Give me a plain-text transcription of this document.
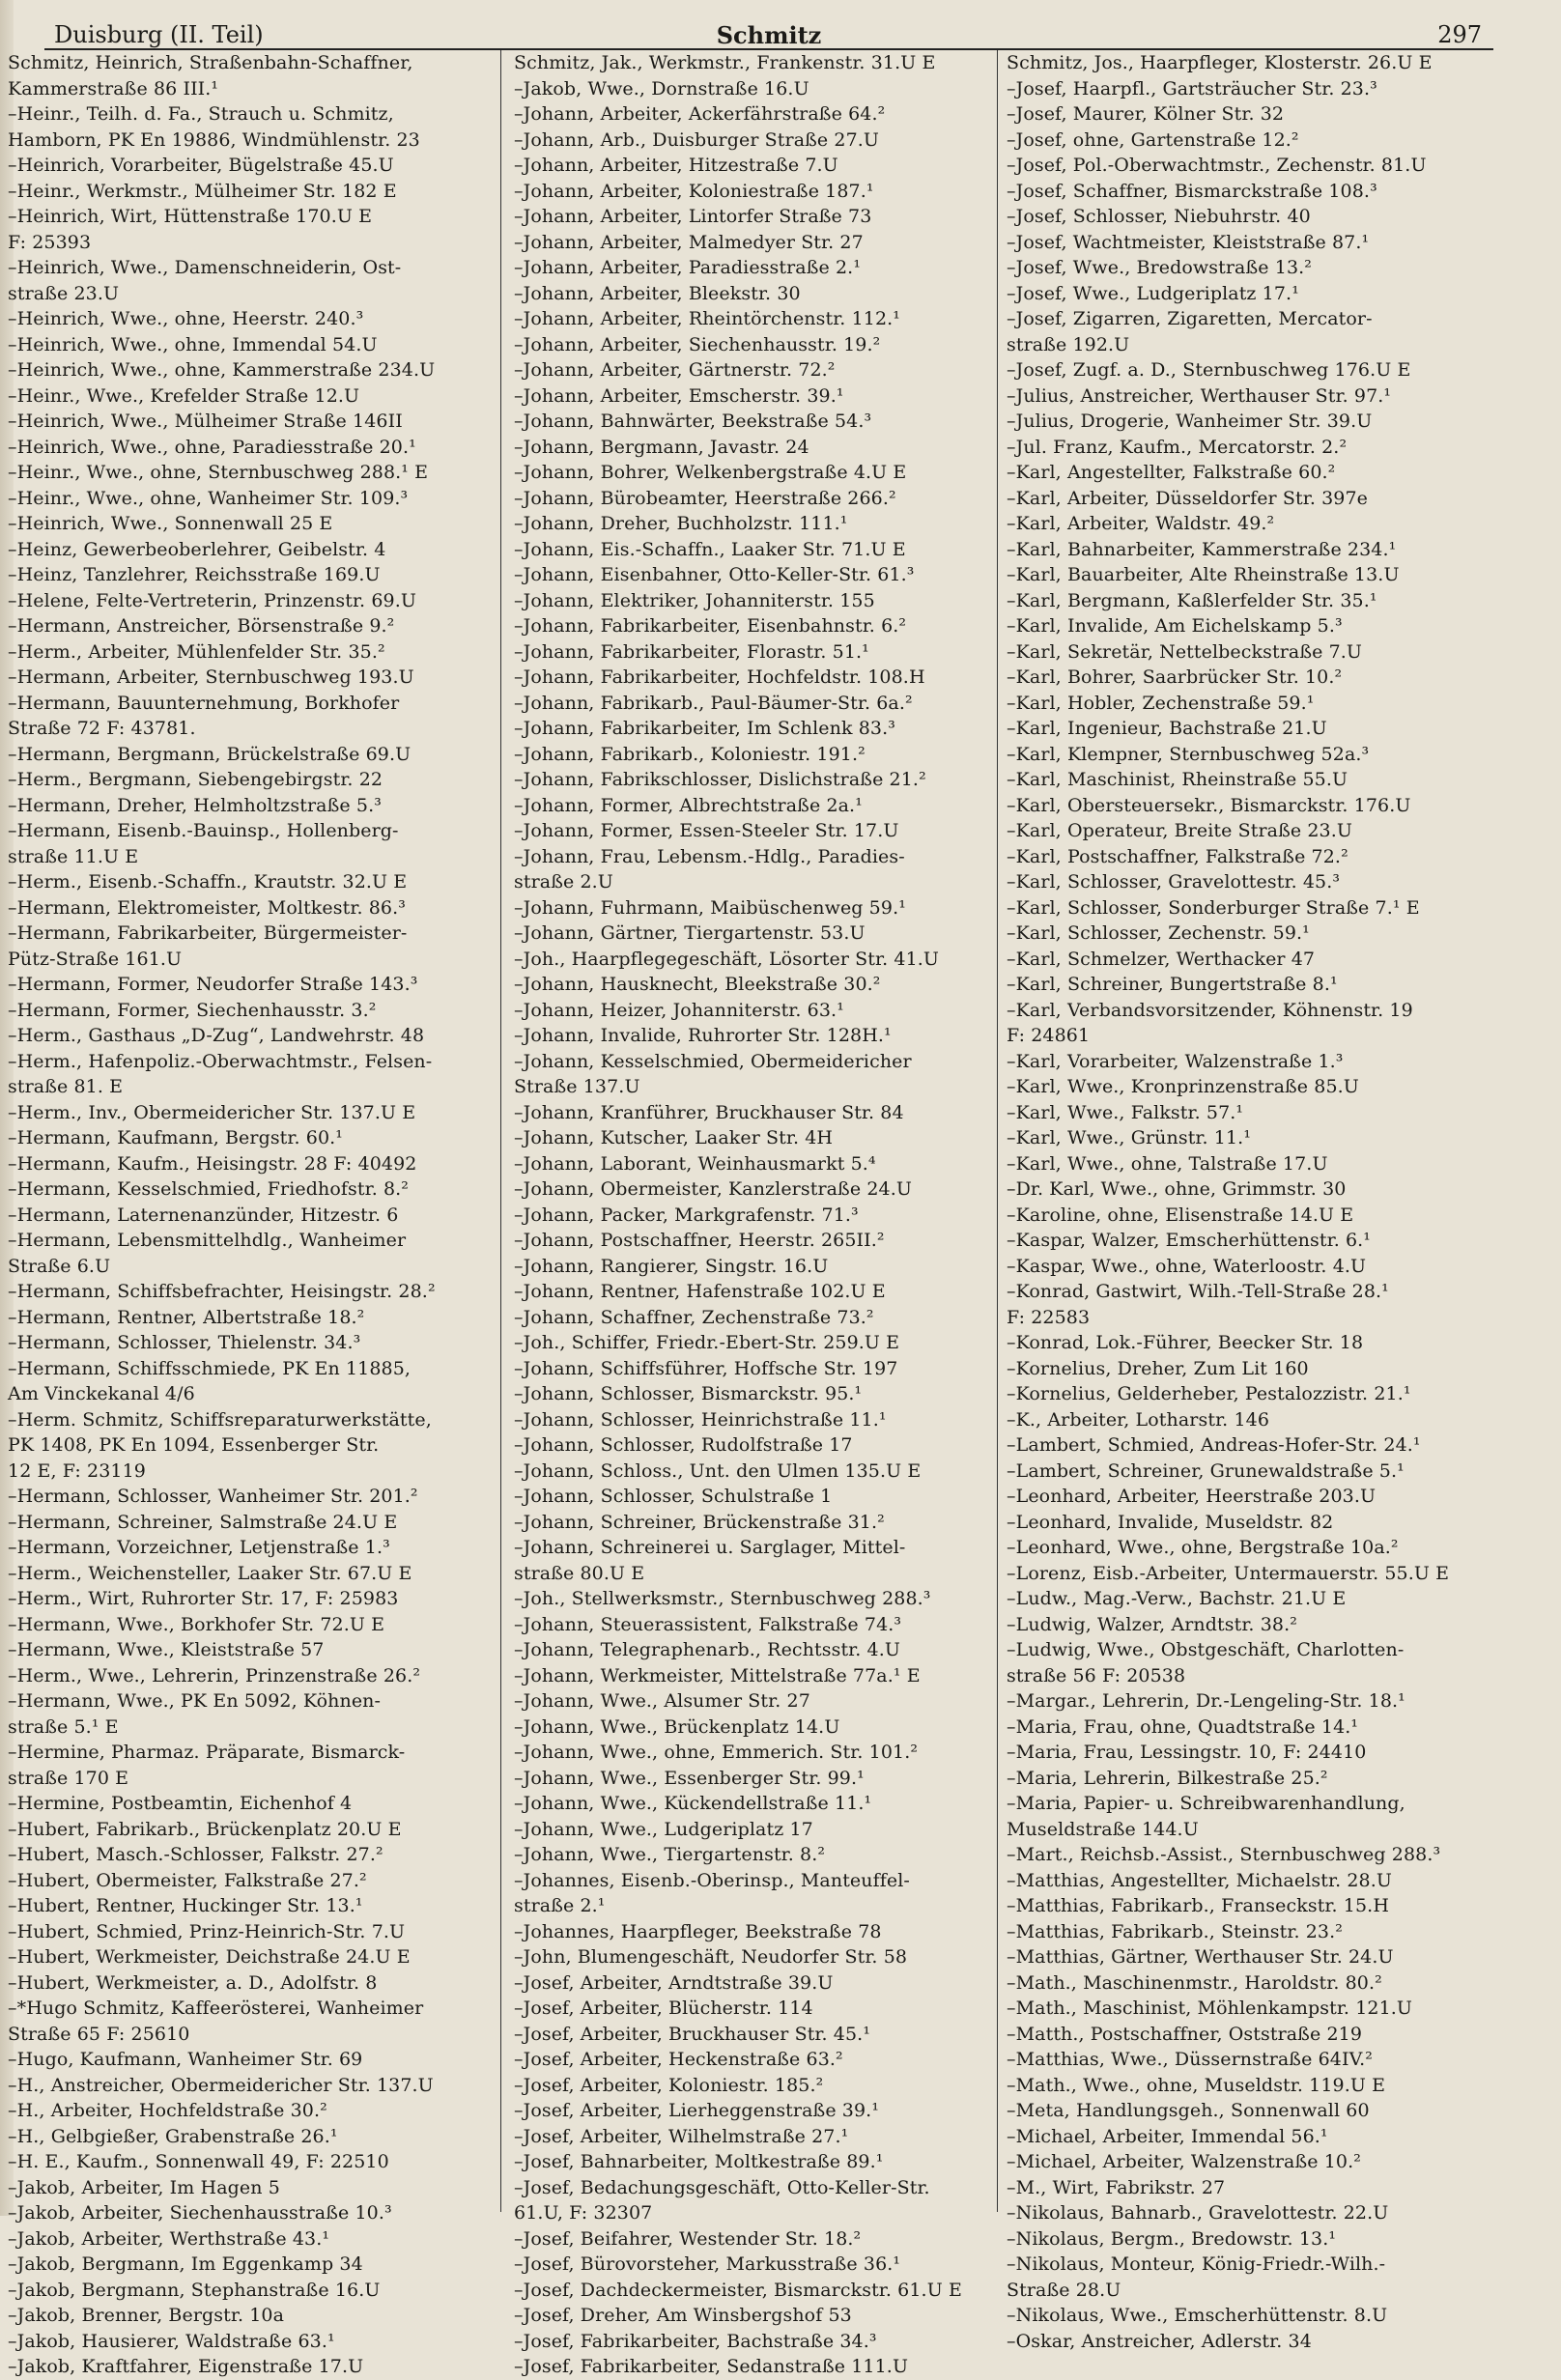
Duisburg (II. Teil)	Schmitz	297
Schmitz, Heinrich, Straßenbahn-Schaffner,
Kammerstraße 86 III.¹
–Heinr., Teilh. d. Fa., Strauch u. Schmitz,
Hamborn, PK En 19886, Windmühlenstr. 23
–Heinrich, Vorarbeiter, Bügelstraße 45.U
–Heinr., Werkmstr., Mülheimer Str. 182 E
–Heinrich, Wirt, Hüttenstraße 170.U E
F: 25393
–Heinrich, Wwe., Damenschneiderin, Ost-
straße 23.U
–Heinrich, Wwe., ohne, Heerstr. 240.³
–Heinrich, Wwe., ohne, Immendal 54.U
–Heinrich, Wwe., ohne, Kammerstraße 234.U
–Heinr., Wwe., Krefelder Straße 12.U
–Heinrich, Wwe., Mülheimer Straße 146II
–Heinrich, Wwe., ohne, Paradiesstraße 20.¹
–Heinr., Wwe., ohne, Sternbuschweg 288.¹ E
–Heinr., Wwe., ohne, Wanheimer Str. 109.³
–Heinrich, Wwe., Sonnenwall 25 E
–Heinz, Gewerbeoberlehrer, Geibelstr. 4
–Heinz, Tanzlehrer, Reichsstraße 169.U
–Helene, Felte-Vertreterin, Prinzenstr. 69.U
–Hermann, Anstreicher, Börsenstraße 9.²
–Herm., Arbeiter, Mühlenfelder Str. 35.²
–Hermann, Arbeiter, Sternbuschweg 193.U
–Hermann, Bauunternehmung, Borkhofer
Straße 72 F: 43781.
–Hermann, Bergmann, Brückelstraße 69.U
–Herm., Bergmann, Siebengebirgstr. 22
–Hermann, Dreher, Helmholtzstraße 5.³
–Hermann, Eisenb.-Bauinsp., Hollenberg-
straße 11.U E
–Herm., Eisenb.-Schaffn., Krautstr. 32.U E
–Hermann, Elektromeister, Moltkestr. 86.³
–Hermann, Fabrikarbeiter, Bürgermeister-
Pütz-Straße 161.U
–Hermann, Former, Neudorfer Straße 143.³
–Hermann, Former, Siechenhausstr. 3.²
–Herm., Gasthaus „D-Zug“, Landwehrstr. 48
–Herm., Hafenpoliz.-Oberwachtmstr., Felsen-
straße 81. E
–Herm., Inv., Obermeidericher Str. 137.U E
–Hermann, Kaufmann, Bergstr. 60.¹
–Hermann, Kaufm., Heisingstr. 28 F: 40492
–Hermann, Kesselschmied, Friedhofstr. 8.²
–Hermann, Laternenanzünder, Hitzestr. 6
–Hermann, Lebensmittelhdlg., Wanheimer
Straße 6.U
–Hermann, Schiffsbefrachter, Heisingstr. 28.²
–Hermann, Rentner, Albertstraße 18.²
–Hermann, Schlosser, Thielenstr. 34.³
–Hermann, Schiffsschmiede, PK En 11885,
Am Vinckekanal 4/6
–Herm. Schmitz, Schiffsreparaturwerkstätte,
PK 1408, PK En 1094, Essenberger Str.
12 E, F: 23119
–Hermann, Schlosser, Wanheimer Str. 201.²
–Hermann, Schreiner, Salmstraße 24.U E
–Hermann, Vorzeichner, Letjenstraße 1.³
–Herm., Weichensteller, Laaker Str. 67.U E
–Herm., Wirt, Ruhrorter Str. 17, F: 25983
–Hermann, Wwe., Borkhofer Str. 72.U E
–Hermann, Wwe., Kleiststraße 57
–Herm., Wwe., Lehrerin, Prinzenstraße 26.²
–Hermann, Wwe., PK En 5092, Köhnen-
straße 5.¹ E
–Hermine, Pharmaz. Präparate, Bismarck-
straße 170 E
–Hermine, Postbeamtin, Eichenhof 4
–Hubert, Fabrikarb., Brückenplatz 20.U E
–Hubert, Masch.-Schlosser, Falkstr. 27.²
–Hubert, Obermeister, Falkstraße 27.²
–Hubert, Rentner, Huckinger Str. 13.¹
–Hubert, Schmied, Prinz-Heinrich-Str. 7.U
–Hubert, Werkmeister, Deichstraße 24.U E
–Hubert, Werkmeister, a. D., Adolfstr. 8
–*Hugo Schmitz, Kaffeerösterei, Wanheimer
Straße 65 F: 25610
–Hugo, Kaufmann, Wanheimer Str. 69
–H., Anstreicher, Obermeidericher Str. 137.U
–H., Arbeiter, Hochfeldstraße 30.²
–H., Gelbgießer, Grabenstraße 26.¹
–H. E., Kaufm., Sonnenwall 49, F: 22510
–Jakob, Arbeiter, Im Hagen 5
–Jakob, Arbeiter, Siechenhausstraße 10.³
–Jakob, Arbeiter, Werthstraße 43.¹
–Jakob, Bergmann, Im Eggenkamp 34
–Jakob, Bergmann, Stephanstraße 16.U
–Jakob, Brenner, Bergstr. 10a
–Jakob, Hausierer, Waldstraße 63.¹
–Jakob, Kraftfahrer, Eigenstraße 17.U
Schmitz, Jak., Werkmstr., Frankenstr. 31.U E
–Jakob, Wwe., Dornstraße 16.U
–Johann, Arbeiter, Ackerfährstraße 64.²
–Johann, Arb., Duisburger Straße 27.U
–Johann, Arbeiter, Hitzestraße 7.U
–Johann, Arbeiter, Koloniestraße 187.¹
–Johann, Arbeiter, Lintorfer Straße 73
–Johann, Arbeiter, Malmedyer Str. 27
–Johann, Arbeiter, Paradiesstraße 2.¹
–Johann, Arbeiter, Bleekstr. 30
–Johann, Arbeiter, Rheintörchenstr. 112.¹
–Johann, Arbeiter, Siechenhausstr. 19.²
–Johann, Arbeiter, Gärtnerstr. 72.²
–Johann, Arbeiter, Emscherstr. 39.¹
–Johann, Bahnwärter, Beekstraße 54.³
–Johann, Bergmann, Javastr. 24
–Johann, Bohrer, Welkenbergstraße 4.U E
–Johann, Bürobeamter, Heerstraße 266.²
–Johann, Dreher, Buchholzstr. 111.¹
–Johann, Eis.-Schaffn., Laaker Str. 71.U E
–Johann, Eisenbahner, Otto-Keller-Str. 61.³
–Johann, Elektriker, Johanniterstr. 155
–Johann, Fabrikarbeiter, Eisenbahnstr. 6.²
–Johann, Fabrikarbeiter, Florastr. 51.¹
–Johann, Fabrikarbeiter, Hochfeldstr. 108.H
–Johann, Fabrikarb., Paul-Bäumer-Str. 6a.²
–Johann, Fabrikarbeiter, Im Schlenk 83.³
–Johann, Fabrikarb., Koloniestr. 191.²
–Johann, Fabrikschlosser, Dislichstraße 21.²
–Johann, Former, Albrechtstraße 2a.¹
–Johann, Former, Essen-Steeler Str. 17.U
–Johann, Frau, Lebensm.-Hdlg., Paradies-
straße 2.U
–Johann, Fuhrmann, Maibüschenweg 59.¹
–Johann, Gärtner, Tiergartenstr. 53.U
–Joh., Haarpflegegeschäft, Lösorter Str. 41.U
–Johann, Hausknecht, Bleekstraße 30.²
–Johann, Heizer, Johanniterstr. 63.¹
–Johann, Invalide, Ruhrorter Str. 128H.¹
–Johann, Kesselschmied, Obermeidericher
Straße 137.U
–Johann, Kranführer, Bruckhauser Str. 84
–Johann, Kutscher, Laaker Str. 4H
–Johann, Laborant, Weinhausmarkt 5.⁴
–Johann, Obermeister, Kanzlerstraße 24.U
–Johann, Packer, Markgrafenstr. 71.³
–Johann, Postschaffner, Heerstr. 265II.²
–Johann, Rangierer, Singstr. 16.U
–Johann, Rentner, Hafenstraße 102.U E
–Johann, Schaffner, Zechenstraße 73.²
–Joh., Schiffer, Friedr.-Ebert-Str. 259.U E
–Johann, Schiffsführer, Hoffsche Str. 197
–Johann, Schlosser, Bismarckstr. 95.¹
–Johann, Schlosser, Heinrichstraße 11.¹
–Johann, Schlosser, Rudolfstraße 17
–Johann, Schloss., Unt. den Ulmen 135.U E
–Johann, Schlosser, Schulstraße 1
–Johann, Schreiner, Brückenstraße 31.²
–Johann, Schreinerei u. Sarglager, Mittel-
straße 80.U E
–Joh., Stellwerksmstr., Sternbuschweg 288.³
–Johann, Steuerassistent, Falkstraße 74.³
–Johann, Telegraphenarb., Rechtsstr. 4.U
–Johann, Werkmeister, Mittelstraße 77a.¹ E
–Johann, Wwe., Alsumer Str. 27
–Johann, Wwe., Brückenplatz 14.U
–Johann, Wwe., ohne, Emmerich. Str. 101.²
–Johann, Wwe., Essenberger Str. 99.¹
–Johann, Wwe., Kückendellstraße 11.¹
–Johann, Wwe., Ludgeriplatz 17
–Johann, Wwe., Tiergartenstr. 8.²
–Johannes, Eisenb.-Oberinsp., Manteuffel-
straße 2.¹
–Johannes, Haarpfleger, Beekstraße 78
–John, Blumengeschäft, Neudorfer Str. 58
–Josef, Arbeiter, Arndtstraße 39.U
–Josef, Arbeiter, Blücherstr. 114
–Josef, Arbeiter, Bruckhauser Str. 45.¹
–Josef, Arbeiter, Heckenstraße 63.²
–Josef, Arbeiter, Koloniestr. 185.²
–Josef, Arbeiter, Lierheggenstraße 39.¹
–Josef, Arbeiter, Wilhelmstraße 27.¹
–Josef, Bahnarbeiter, Moltkestraße 89.¹
–Josef, Bedachungsgeschäft, Otto-Keller-Str.
61.U, F: 32307
–Josef, Beifahrer, Westender Str. 18.²
–Josef, Bürovorsteher, Markusstraße 36.¹
–Josef, Dachdeckermeister, Bismarckstr. 61.U E
–Josef, Dreher, Am Winsbergshof 53
–Josef, Fabrikarbeiter, Bachstraße 34.³
–Josef, Fabrikarbeiter, Sedanstraße 111.U
Schmitz, Jos., Haarpfleger, Klosterstr. 26.U E
–Josef, Haarpfl., Gartsträucher Str. 23.³
–Josef, Maurer, Kölner Str. 32
–Josef, ohne, Gartenstraße 12.²
–Josef, Pol.-Oberwachtmstr., Zechenstr. 81.U
–Josef, Schaffner, Bismarckstraße 108.³
–Josef, Schlosser, Niebuhrstr. 40
–Josef, Wachtmeister, Kleiststraße 87.¹
–Josef, Wwe., Bredowstraße 13.²
–Josef, Wwe., Ludgeriplatz 17.¹
–Josef, Zigarren, Zigaretten, Mercator-
straße 192.U
–Josef, Zugf. a. D., Sternbuschweg 176.U E
–Julius, Anstreicher, Werthauser Str. 97.¹
–Julius, Drogerie, Wanheimer Str. 39.U
–Jul. Franz, Kaufm., Mercatorstr. 2.²
–Karl, Angestellter, Falkstraße 60.²
–Karl, Arbeiter, Düsseldorfer Str. 397e
–Karl, Arbeiter, Waldstr. 49.²
–Karl, Bahnarbeiter, Kammerstraße 234.¹
–Karl, Bauarbeiter, Alte Rheinstraße 13.U
–Karl, Bergmann, Kaßlerfelder Str. 35.¹
–Karl, Invalide, Am Eichelskamp 5.³
–Karl, Sekretär, Nettelbeckstraße 7.U
–Karl, Bohrer, Saarbrücker Str. 10.²
–Karl, Hobler, Zechenstraße 59.¹
–Karl, Ingenieur, Bachstraße 21.U
–Karl, Klempner, Sternbuschweg 52a.³
–Karl, Maschinist, Rheinstraße 55.U
–Karl, Obersteuersekr., Bismarckstr. 176.U
–Karl, Operateur, Breite Straße 23.U
–Karl, Postschaffner, Falkstraße 72.²
–Karl, Schlosser, Gravelottestr. 45.³
–Karl, Schlosser, Sonderburger Straße 7.¹ E
–Karl, Schlosser, Zechenstr. 59.¹
–Karl, Schmelzer, Werthacker 47
–Karl, Schreiner, Bungertstraße 8.¹
–Karl, Verbandsvorsitzender, Köhnenstr. 19
F: 24861
–Karl, Vorarbeiter, Walzenstraße 1.³
–Karl, Wwe., Kronprinzenstraße 85.U
–Karl, Wwe., Falkstr. 57.¹
–Karl, Wwe., Grünstr. 11.¹
–Karl, Wwe., ohne, Talstraße 17.U
–Dr. Karl, Wwe., ohne, Grimmstr. 30
–Karoline, ohne, Elisenstraße 14.U E
–Kaspar, Walzer, Emscherhüttenstr. 6.¹
–Kaspar, Wwe., ohne, Waterloostr. 4.U
–Konrad, Gastwirt, Wilh.-Tell-Straße 28.¹
F: 22583
–Konrad, Lok.-Führer, Beecker Str. 18
–Kornelius, Dreher, Zum Lit 160
–Kornelius, Gelderheber, Pestalozzistr. 21.¹
–K., Arbeiter, Lotharstr. 146
–Lambert, Schmied, Andreas-Hofer-Str. 24.¹
–Lambert, Schreiner, Grunewaldstraße 5.¹
–Leonhard, Arbeiter, Heerstraße 203.U
–Leonhard, Invalide, Museldstr. 82
–Leonhard, Wwe., ohne, Bergstraße 10a.²
–Lorenz, Eisb.-Arbeiter, Untermauerstr. 55.U E
–Ludw., Mag.-Verw., Bachstr. 21.U E
–Ludwig, Walzer, Arndtstr. 38.²
–Ludwig, Wwe., Obstgeschäft, Charlotten-
straße 56 F: 20538
–Margar., Lehrerin, Dr.-Lengeling-Str. 18.¹
–Maria, Frau, ohne, Quadtstraße 14.¹
–Maria, Frau, Lessingstr. 10, F: 24410
–Maria, Lehrerin, Bilkestraße 25.²
–Maria, Papier- u. Schreibwarenhandlung,
Museldstraße 144.U
–Mart., Reichsb.-Assist., Sternbuschweg 288.³
–Matthias, Angestellter, Michaelstr. 28.U
–Matthias, Fabrikarb., Franseckstr. 15.H
–Matthias, Fabrikarb., Steinstr. 23.²
–Matthias, Gärtner, Werthauser Str. 24.U
–Math., Maschinenmstr., Haroldstr. 80.²
–Math., Maschinist, Möhlenkampstr. 121.U
–Matth., Postschaffner, Oststraße 219
–Matthias, Wwe., Düssernstraße 64IV.²
–Math., Wwe., ohne, Museldstr. 119.U E
–Meta, Handlungsgeh., Sonnenwall 60
–Michael, Arbeiter, Immendal 56.¹
–Michael, Arbeiter, Walzenstraße 10.²
–M., Wirt, Fabrikstr. 27
–Nikolaus, Bahnarb., Gravelottestr. 22.U
–Nikolaus, Bergm., Bredowstr. 13.¹
–Nikolaus, Monteur, König-Friedr.-Wilh.-
Straße 28.U
–Nikolaus, Wwe., Emscherhüttenstr. 8.U
–Oskar, Anstreicher, Adlerstr. 34
